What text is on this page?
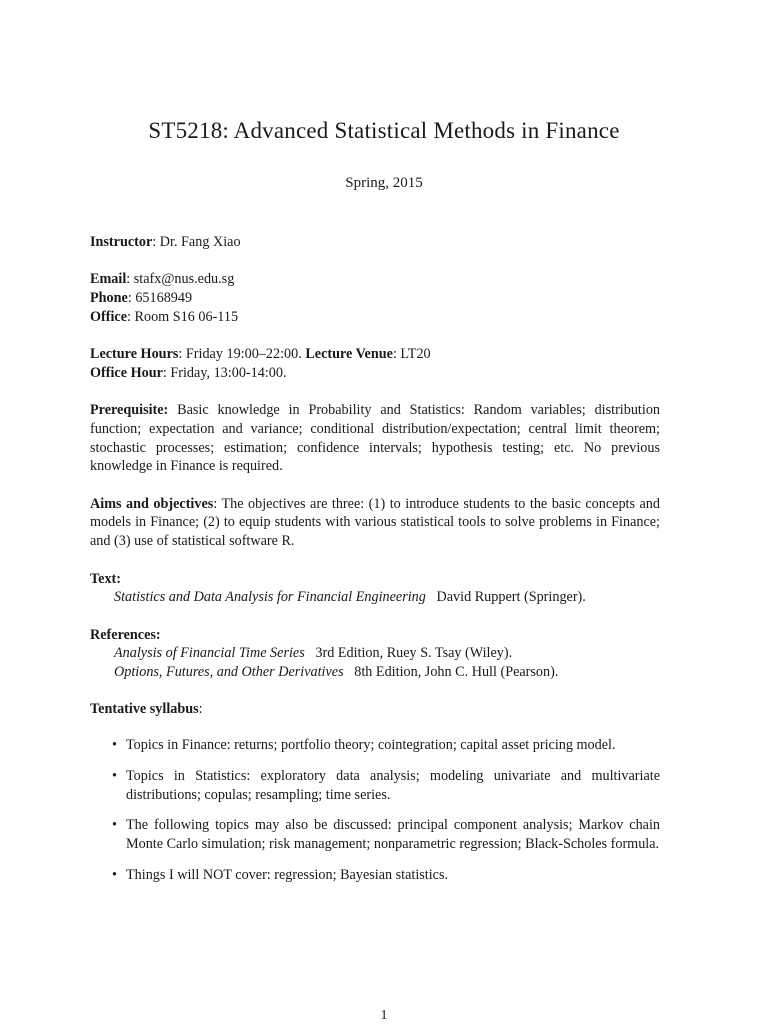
ST5218: Advanced Statistical Methods in Finance
Spring, 2015

Instructor: Dr. Fang Xiao

Email: stafx@nus.edu.sg

Phone: 65168949

Office: Room S16 06-115

Lecture Hours: Friday 19:00–22:00. Lecture Venue: LT20

Office Hour: Friday, 13:00-14:00.

Prerequisite: Basic knowledge in Probability and Statistics: Random variables; distribution function; expectation and variance; conditional distribution/expectation; central limit theorem; stochastic processes; estimation; confidence intervals; hypothesis testing; etc. No previous knowledge in Finance is required.

Aims and objectives: The objectives are three: (1) to introduce students to the basic concepts and models in Finance; (2) to equip students with various statistical tools to solve problems in Finance; and (3) use of statistical software R.

Text:

Statistics and Data Analysis for Financial Engineering David Ruppert (Springer).

References:

Analysis of Financial Time Series 3rd Edition, Ruey S. Tsay (Wiley).

Options, Futures, and Other Derivatives 8th Edition, John C. Hull (Pearson).

Tentative syllabus:

• Topics in Finance: returns; portfolio theory; cointegration; capital asset pricing model.
• Topics in Statistics: exploratory data analysis; modeling univariate and multivariate distributions; copulas; resampling; time series.
• The following topics may also be discussed: principal component analysis; Markov chain Monte Carlo simulation; risk management; nonparametric regression; Black-Scholes formula.
• Things I will NOT cover: regression; Bayesian statistics.
1
